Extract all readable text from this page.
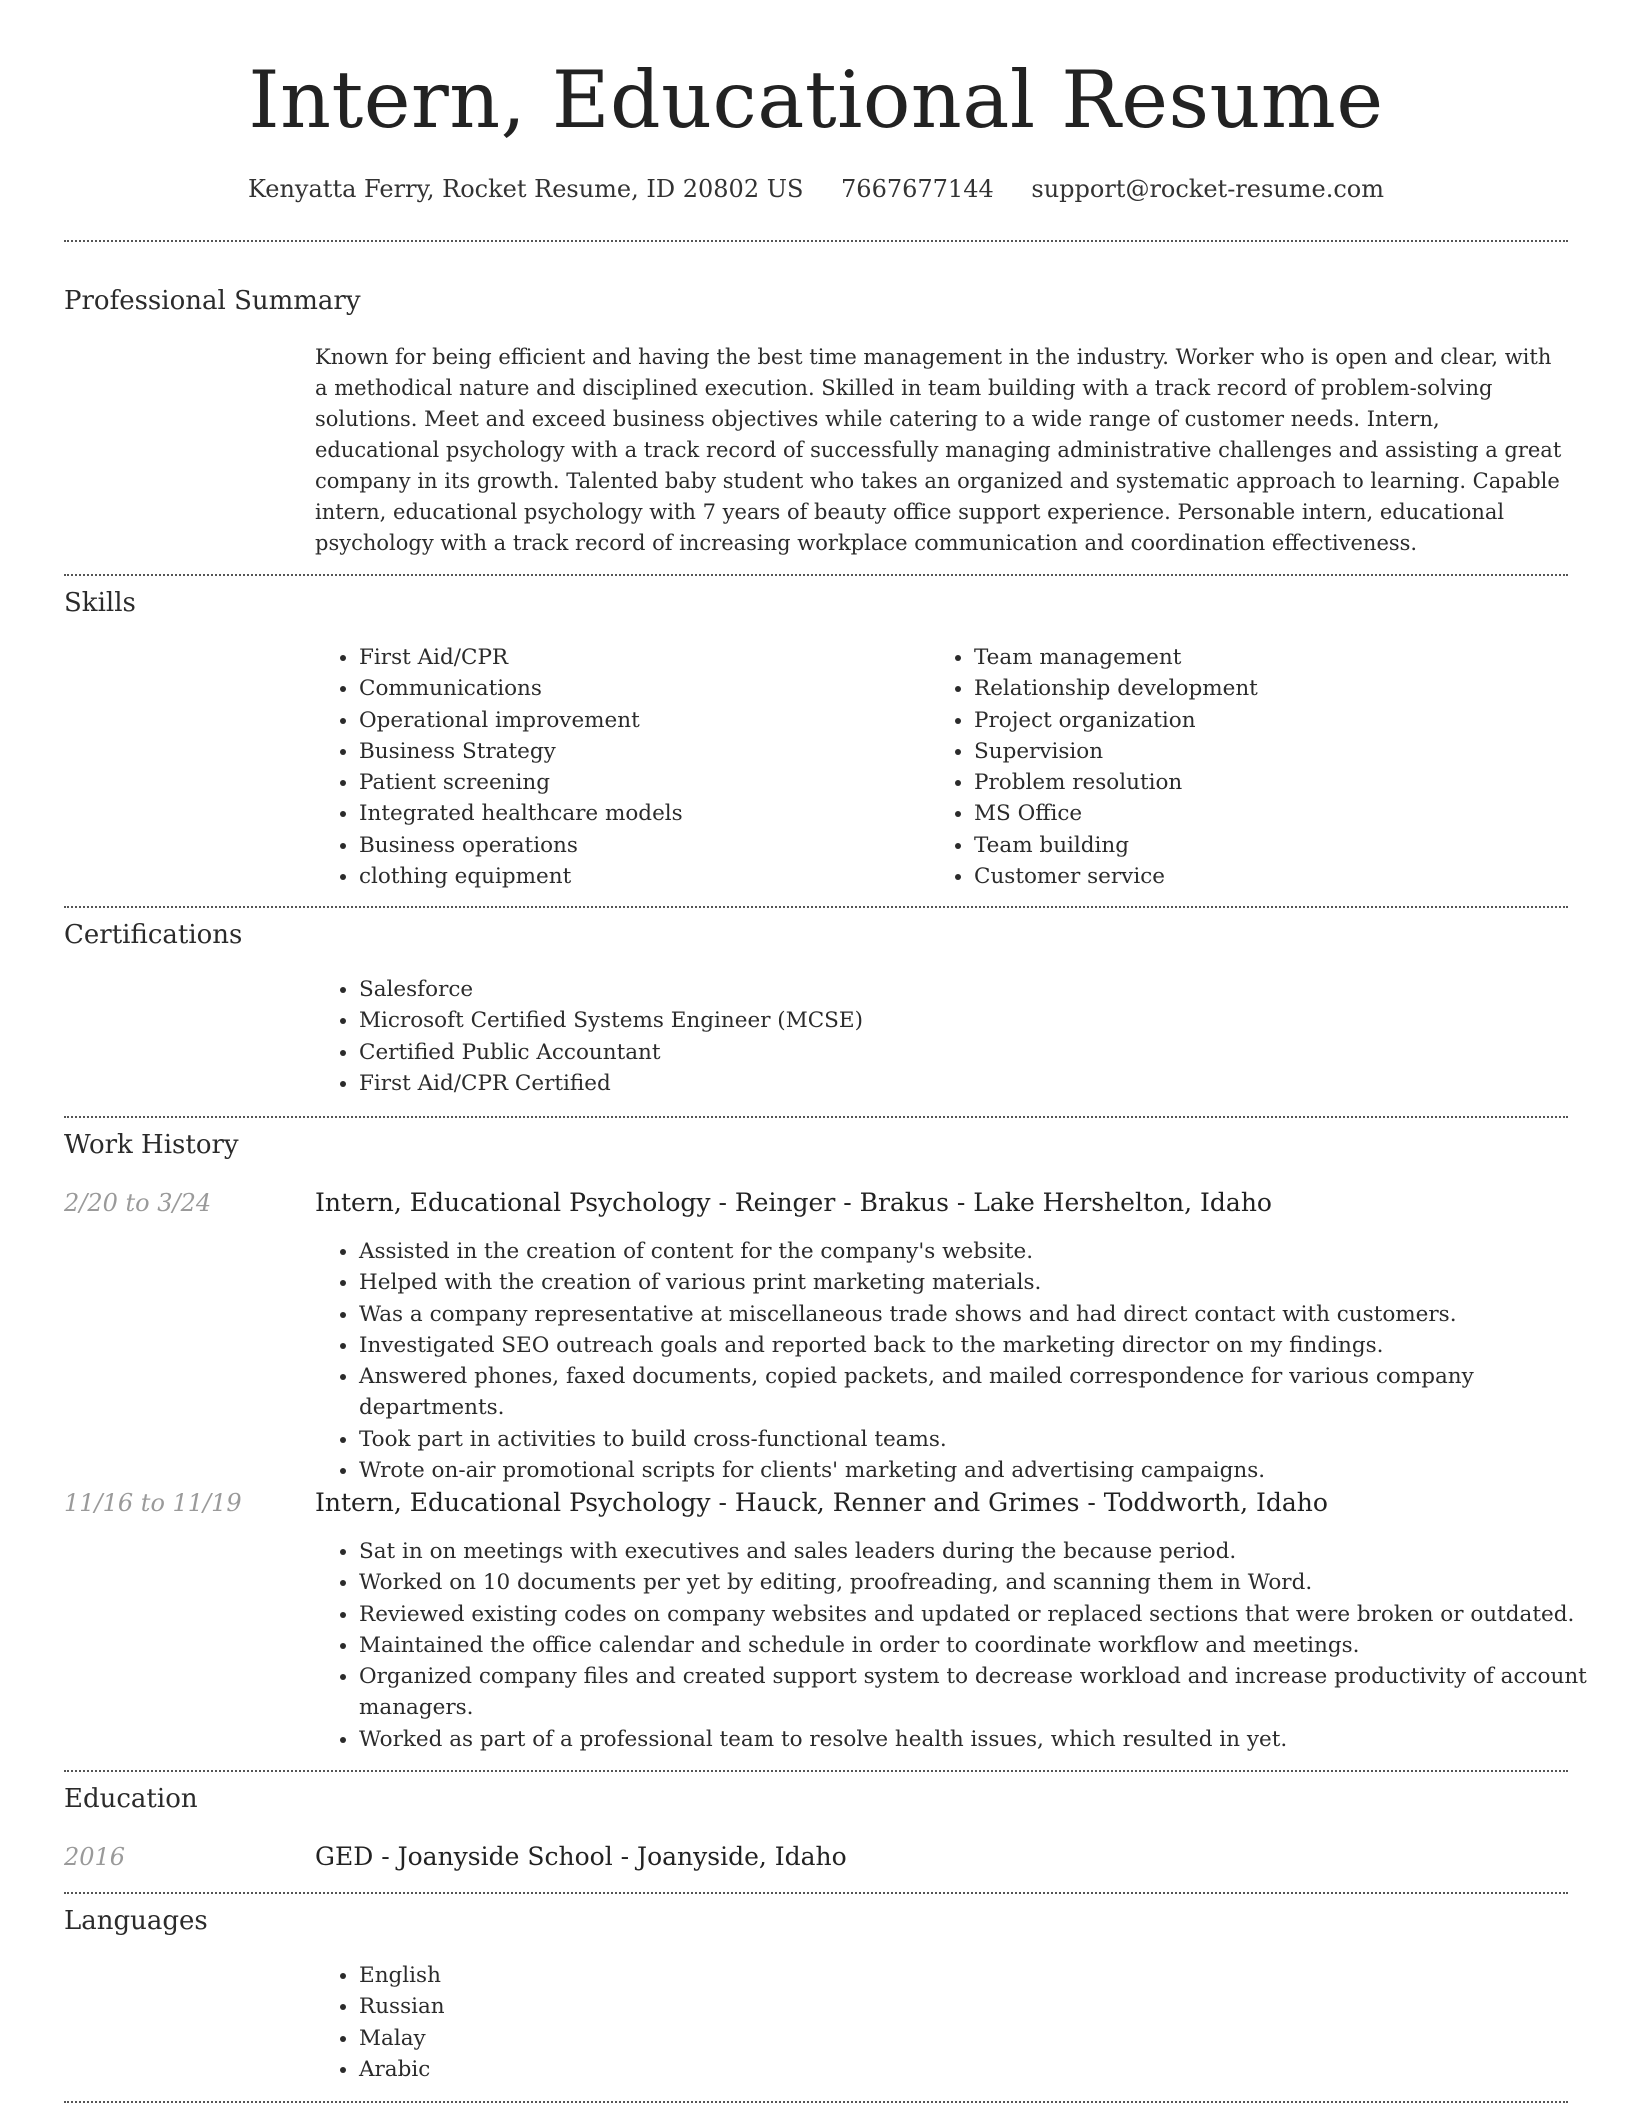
Intern, Educational Resume
Kenyatta Ferry, Rocket Resume, ID 20802 US 7667677144 support@rocket-resume.com
Professional Summary
Known for being efficient and having the best time management in the industry. Worker who is open and clear, with a methodical nature and disciplined execution. Skilled in team building with a track record of problem-solving solutions. Meet and exceed business objectives while catering to a wide range of customer needs. Intern, educational psychology with a track record of successfully managing administrative challenges and assisting a great company in its growth. Talented baby student who takes an organized and systematic approach to learning. Capable intern, educational psychology with 7 years of beauty office support experience. Personable intern, educational psychology with a track record of increasing workplace communication and coordination effectiveness.
Skills
• First Aid/CPR
• Communications
• Operational improvement
• Business Strategy
• Patient screening
• Integrated healthcare models
• Business operations
• clothing equipment
• Team management
• Relationship development
• Project organization
• Supervision
• Problem resolution
• MS Office
• Team building
• Customer service
Certifications
• Salesforce
• Microsoft Certified Systems Engineer (MCSE)
• Certified Public Accountant
• First Aid/CPR Certified
Work History
2/20 to 3/24	Intern, Educational Psychology - Reinger - Brakus - Lake Hershelton, Idaho
• Assisted in the creation of content for the company's website.
• Helped with the creation of various print marketing materials.
• Was a company representative at miscellaneous trade shows and had direct contact with customers.
• Investigated SEO outreach goals and reported back to the marketing director on my findings.
• Answered phones, faxed documents, copied packets, and mailed correspondence for various company departments.
• Took part in activities to build cross-functional teams.
• Wrote on-air promotional scripts for clients' marketing and advertising campaigns.
11/16 to 11/19	Intern, Educational Psychology - Hauck, Renner and Grimes - Toddworth, Idaho
• Sat in on meetings with executives and sales leaders during the because period.
• Worked on 10 documents per yet by editing, proofreading, and scanning them in Word.
• Reviewed existing codes on company websites and updated or replaced sections that were broken or outdated.
• Maintained the office calendar and schedule in order to coordinate workflow and meetings.
• Organized company files and created support system to decrease workload and increase productivity of account managers.
• Worked as part of a professional team to resolve health issues, which resulted in yet.
Education
2016	GED - Joanyside School - Joanyside, Idaho
Languages
• English
• Russian
• Malay
• Arabic
